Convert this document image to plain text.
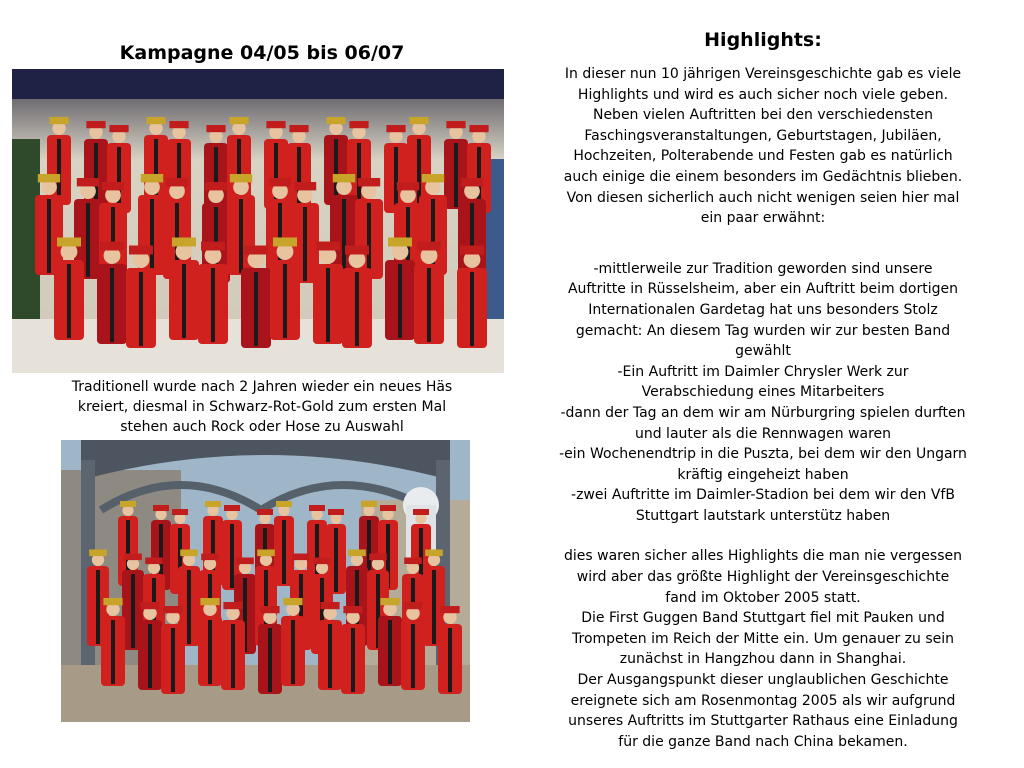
Kampagne 04/05 bis 06/07
Traditionell wurde nach 2 Jahren wieder ein neues Häs
kreiert, diesmal in Schwarz-Rot-Gold zum ersten Mal
stehen auch Rock oder Hose zu Auswahl
Highlights:

In dieser nun 10 jährigen Vereinsgeschichte gab es viele

Highlights und wird es auch sicher noch viele geben.

Neben vielen Auftritten bei den verschiedensten

Faschingsveranstaltungen, Geburtstagen, Jubiläen,

Hochzeiten, Polterabende und Festen gab es natürlich

auch einige die einem besonders im Gedächtnis blieben.

Von diesen sicherlich auch nicht wenigen seien hier mal

ein paar erwähnt:

-mittlerweile zur Tradition geworden sind unsere

Auftritte in Rüsselsheim, aber ein Auftritt beim dortigen

Internationalen Gardetag hat uns besonders Stolz

gemacht: An diesem Tag wurden wir zur besten Band

gewählt

-Ein Auftritt im Daimler Chrysler Werk zur

Verabschiedung eines Mitarbeiters

-dann der Tag an dem wir am Nürburgring spielen durften

und lauter als die Rennwagen waren

-ein Wochenendtrip in die Puszta, bei dem wir den Ungarn

kräftig eingeheizt haben

-zwei Auftritte im Daimler-Stadion bei dem wir den VfB

Stuttgart lautstark unterstütz haben

dies waren sicher alles Highlights die man nie vergessen

wird aber das größte Highlight der Vereinsgeschichte

fand im Oktober 2005 statt.

Die First Guggen Band Stuttgart fiel mit Pauken und

Trompeten im Reich der Mitte ein. Um genauer zu sein

zunächst in Hangzhou dann in Shanghai.

Der Ausgangspunkt dieser unglaublichen Geschichte

ereignete sich am Rosenmontag 2005 als wir aufgrund

unseres Auftritts im Stuttgarter Rathaus eine Einladung

für die ganze Band nach China bekamen.
